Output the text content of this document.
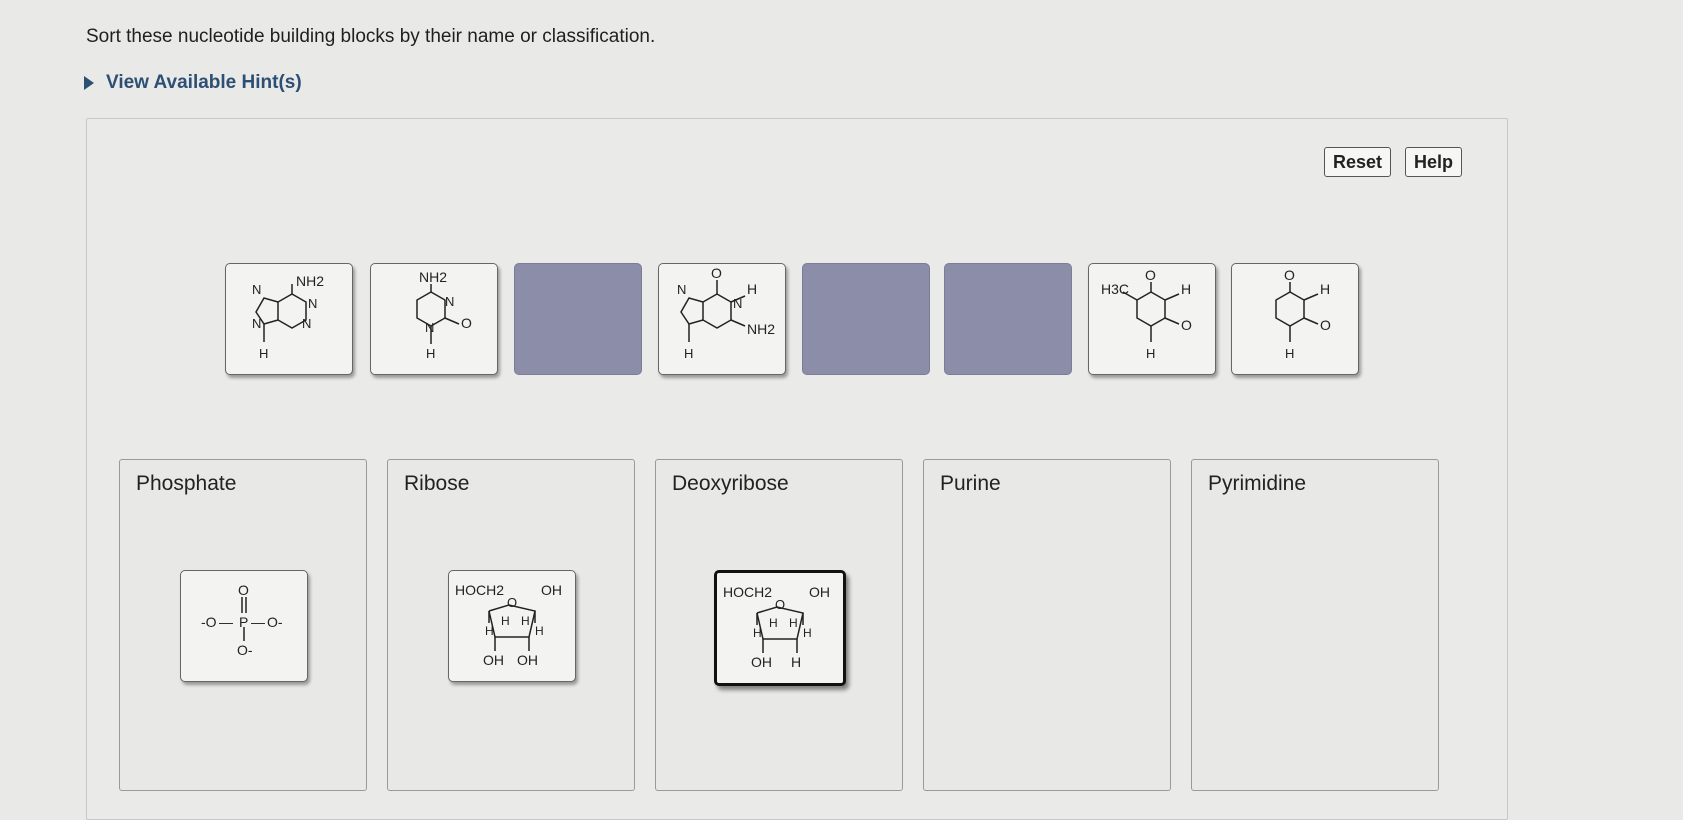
Sort these nucleotide building blocks by their name or classification.
View Available Hint(s)
Reset	Help
NH2
N
N
N
N
H
NH2
N
N O
H
O
H
N
NH2
N
H
H3C
O
H
O
H
O
H
O
H
Phosphate
O
-O — P — O-
O-
Ribose
HOCH2	OH
O
H
H H
H
OH OH
Deoxyribose
HOCH2	OH
O
H
H H
H
OH H
Purine	Pyrimidine
